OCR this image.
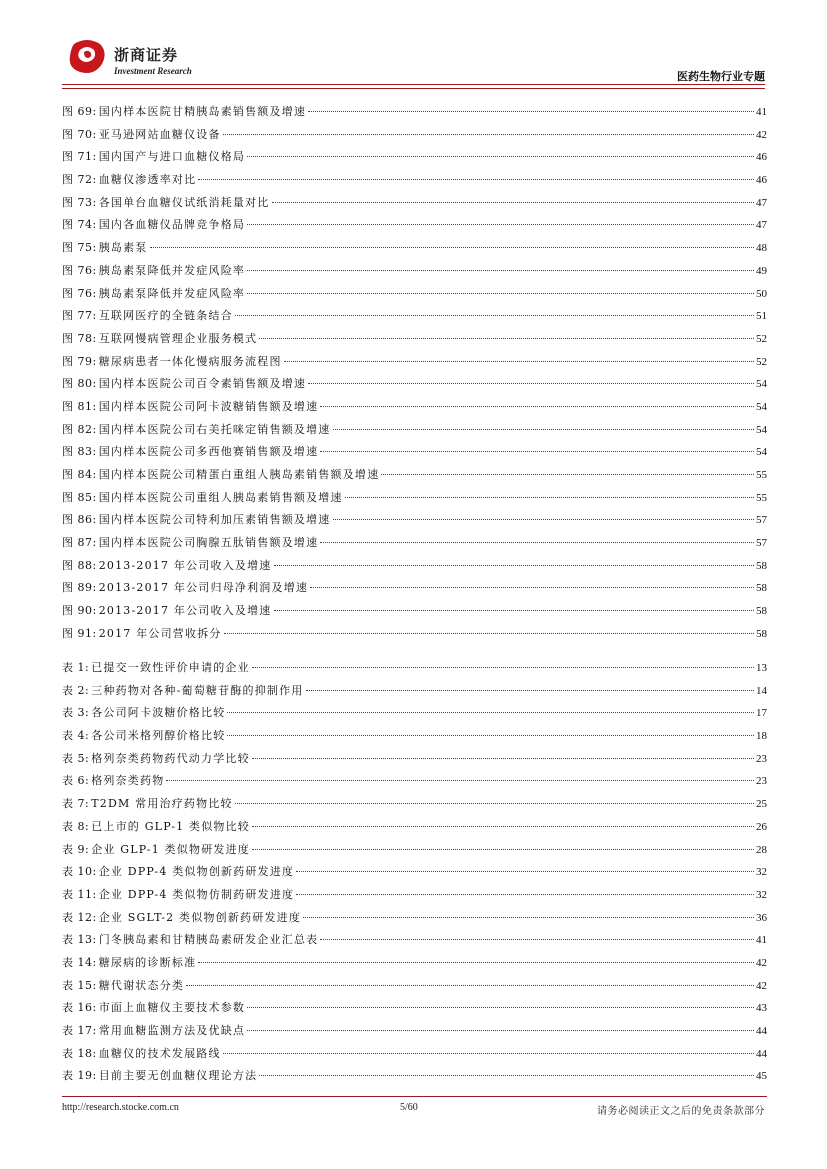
浙商证券
Investment Research	医药生物行业专题
图 69: 国内样本医院甘精胰岛素销售额及增速	41
图 70: 亚马逊网站血糖仪设备	42
图 71: 国内国产与进口血糖仪格局	46
图 72: 血糖仪渗透率对比	46
图 73: 各国单台血糖仪试纸消耗量对比	47
图 74: 国内各血糖仪品牌竞争格局	47
图 75: 胰岛素泵	48
图 76: 胰岛素泵降低并发症风险率	49
图 76: 胰岛素泵降低并发症风险率	50
图 77: 互联网医疗的全链条结合	51
图 78: 互联网慢病管理企业服务模式	52
图 79: 糖尿病患者一体化慢病服务流程图	52
图 80: 国内样本医院公司百令素销售额及增速	54
图 81: 国内样本医院公司阿卡波糖销售额及增速	54
图 82: 国内样本医院公司右美托咪定销售额及增速	54
图 83: 国内样本医院公司多西他赛销售额及增速	54
图 84: 国内样本医院公司精蛋白重组人胰岛素销售额及增速	55
图 85: 国内样本医院公司重组人胰岛素销售额及增速	55
图 86: 国内样本医院公司特利加压素销售额及增速	57
图 87: 国内样本医院公司胸腺五肽销售额及增速	57
图 88: 2013-2017 年公司收入及增速	58
图 89: 2013-2017 年公司归母净利润及增速	58
图 90: 2013-2017 年公司收入及增速	58
图 91: 2017 年公司营收拆分	58
表 1: 已提交一致性评价申请的企业	13
表 2: 三种药物对各种-葡萄糖苷酶的抑制作用	14
表 3: 各公司阿卡波糖价格比较	17
表 4: 各公司米格列醇价格比较	18
表 5: 格列奈类药物药代动力学比较	23
表 6: 格列奈类药物	23
表 7: T2DM 常用治疗药物比较	25
表 8: 已上市的 GLP-1 类似物比较	26
表 9: 企业 GLP-1 类似物研发进度	28
表 10: 企业 DPP-4 类似物创新药研发进度	32
表 11: 企业 DPP-4 类似物仿制药研发进度	32
表 12: 企业 SGLT-2 类似物创新药研发进度	36
表 13: 门冬胰岛素和甘精胰岛素研发企业汇总表	41
表 14: 糖尿病的诊断标准	42
表 15: 糖代谢状态分类	42
表 16: 市面上血糖仪主要技术参数	43
表 17: 常用血糖监测方法及优缺点	44
表 18: 血糖仪的技术发展路线	44
表 19: 目前主要无创血糖仪理论方法	45
http://research.stocke.com.cn	5/60	请务必阅读正文之后的免责条款部分
